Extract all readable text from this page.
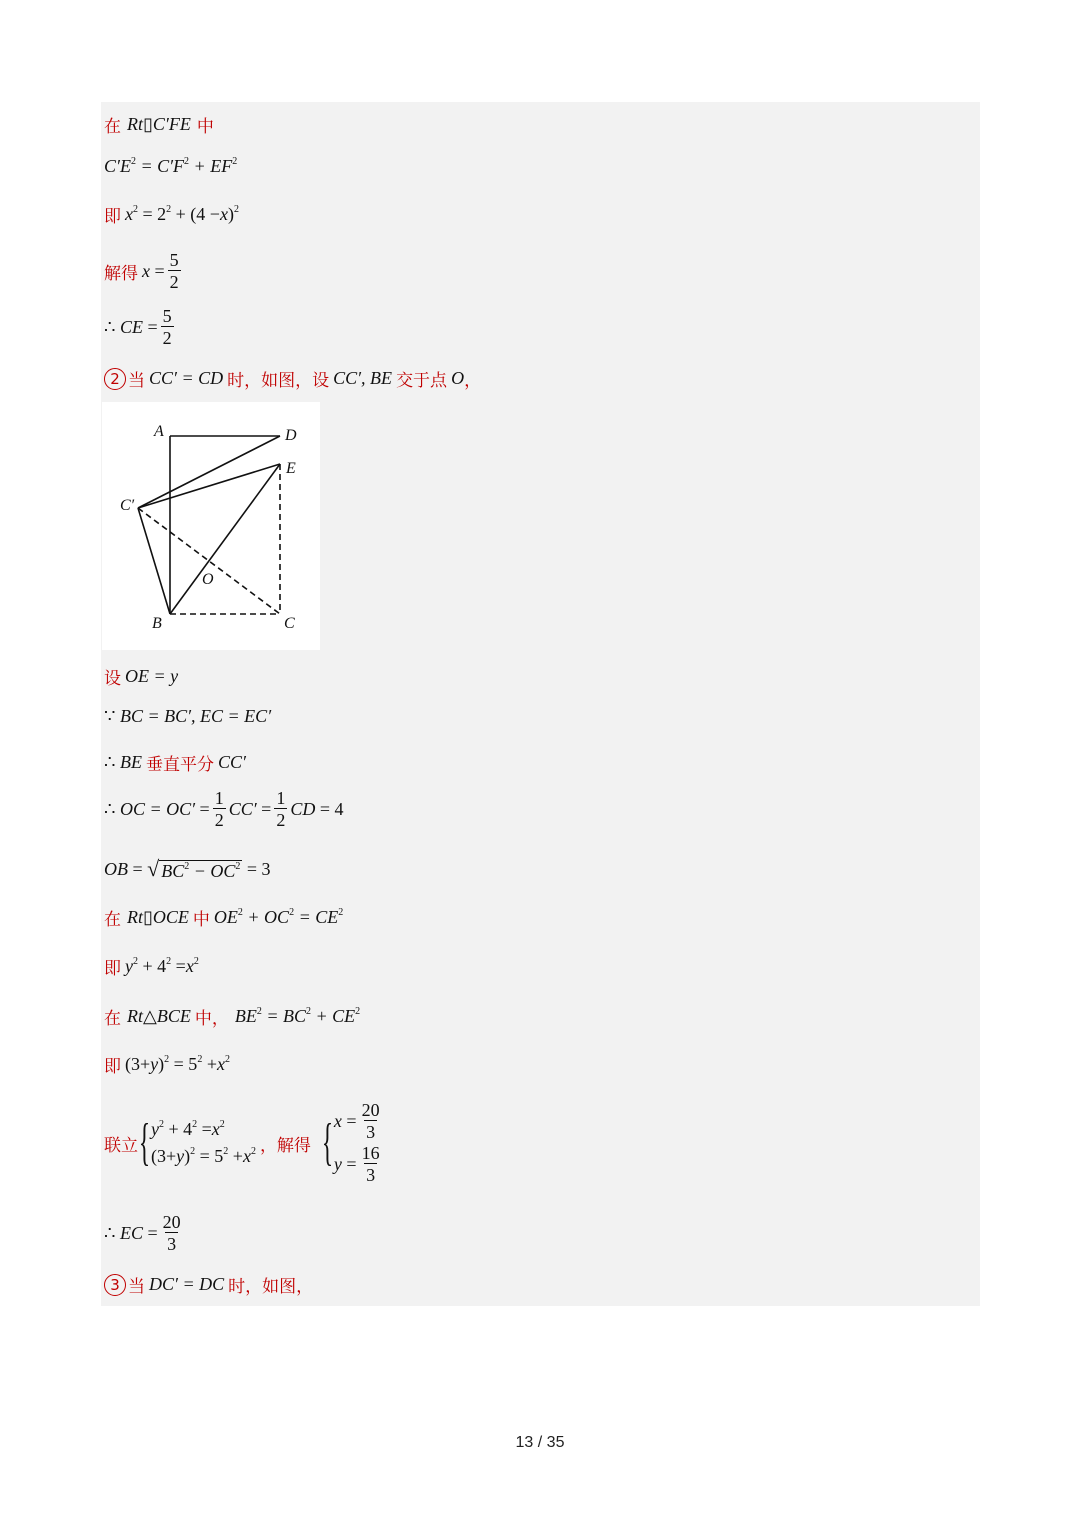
在 Rt ▯ C′FE 中
$C'E^2 = C'F^2 + EF^2$
即 $x^2 = 2^2 + (4 - x$ )$^2$
解得 $x = \frac{5}{2}$
∴ CE = $\frac{5}{2}$
2 当 CC′ = CD 时，如图，设 CC′, BE 交于点 O ，
A	D
E
C′
O
B	C
设 OE = y
∵ BC = BC′, EC = EC′
∴ BE 垂直平分 CC′
∴ OC = $OC' = \frac{1}{2} CC' = \frac{1}{2}$ CD = 4
OB = √ $BC^2 - OC^2 = 3$
在 Rt ▯ OCE 中 $OE^2 + OC^2 = CE^2$
即 $y^2 + 4^2 = x^2$
在 Rt △ BCE 中， $BE^2 = BC^2 + CE^2$
即 (3+ y )$^2 = 5^2 + x^2$
联立 { $y^2 + 4^2 = x^2$
(3+ y )$^2 = 5^2 + x^2$ ，解得 { $x = \frac{20}{3}$
$y = \frac{16}{3}$
∴ EC = $\frac{20}{3}$
3 当 DC′ = DC 时，如图，
13 / 35
